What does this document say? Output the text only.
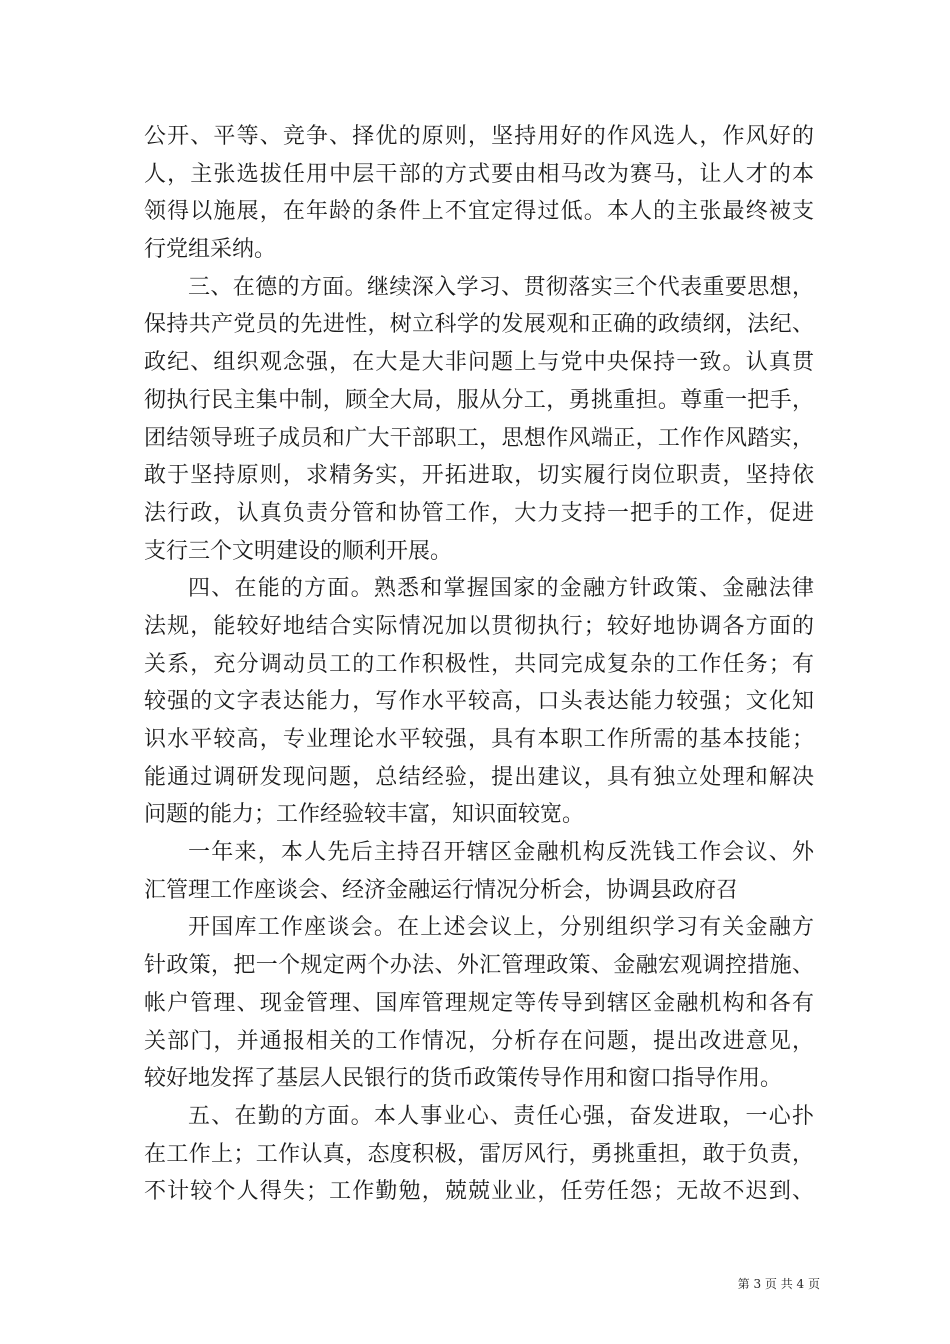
公开、平等、竞争、择优的原则，坚持用好的作风选人，作风好的
人，主张选拔任用中层干部的方式要由相马改为赛马，让人才的本
领得以施展，在年龄的条件上不宜定得过低。本人的主张最终被支
行党组采纳。
三、在德的方面。继续深入学习、贯彻落实三个代表重要思想，
保持共产党员的先进性，树立科学的发展观和正确的政绩纲，法纪、
政纪、组织观念强，在大是大非问题上与党中央保持一致。认真贯
彻执行民主集中制，顾全大局，服从分工，勇挑重担。尊重一把手，
团结领导班子成员和广大干部职工，思想作风端正，工作作风踏实，
敢于坚持原则，求精务实，开拓进取，切实履行岗位职责，坚持依
法行政，认真负责分管和协管工作，大力支持一把手的工作，促进
支行三个文明建设的顺利开展。
四、在能的方面。熟悉和掌握国家的金融方针政策、金融法律
法规，能较好地结合实际情况加以贯彻执行；较好地协调各方面的
关系，充分调动员工的工作积极性，共同完成复杂的工作任务；有
较强的文字表达能力，写作水平较高，口头表达能力较强；文化知
识水平较高，专业理论水平较强，具有本职工作所需的基本技能；
能通过调研发现问题，总结经验，提出建议，具有独立处理和解决
问题的能力；工作经验较丰富，知识面较宽。
一年来，本人先后主持召开辖区金融机构反洗钱工作会议、外
汇管理工作座谈会、经济金融运行情况分析会，协调县政府召
开国库工作座谈会。在上述会议上，分别组织学习有关金融方
针政策，把一个规定两个办法、外汇管理政策、金融宏观调控措施、
帐户管理、现金管理、国库管理规定等传导到辖区金融机构和各有
关部门，并通报相关的工作情况，分析存在问题，提出改进意见，
较好地发挥了基层人民银行的货币政策传导作用和窗口指导作用。
五、在勤的方面。本人事业心、责任心强，奋发进取，一心扑
在工作上；工作认真，态度积极，雷厉风行，勇挑重担，敢于负责，
不计较个人得失；工作勤勉，兢兢业业，任劳任怨；无故不迟到、
第 3 页 共 4 页
